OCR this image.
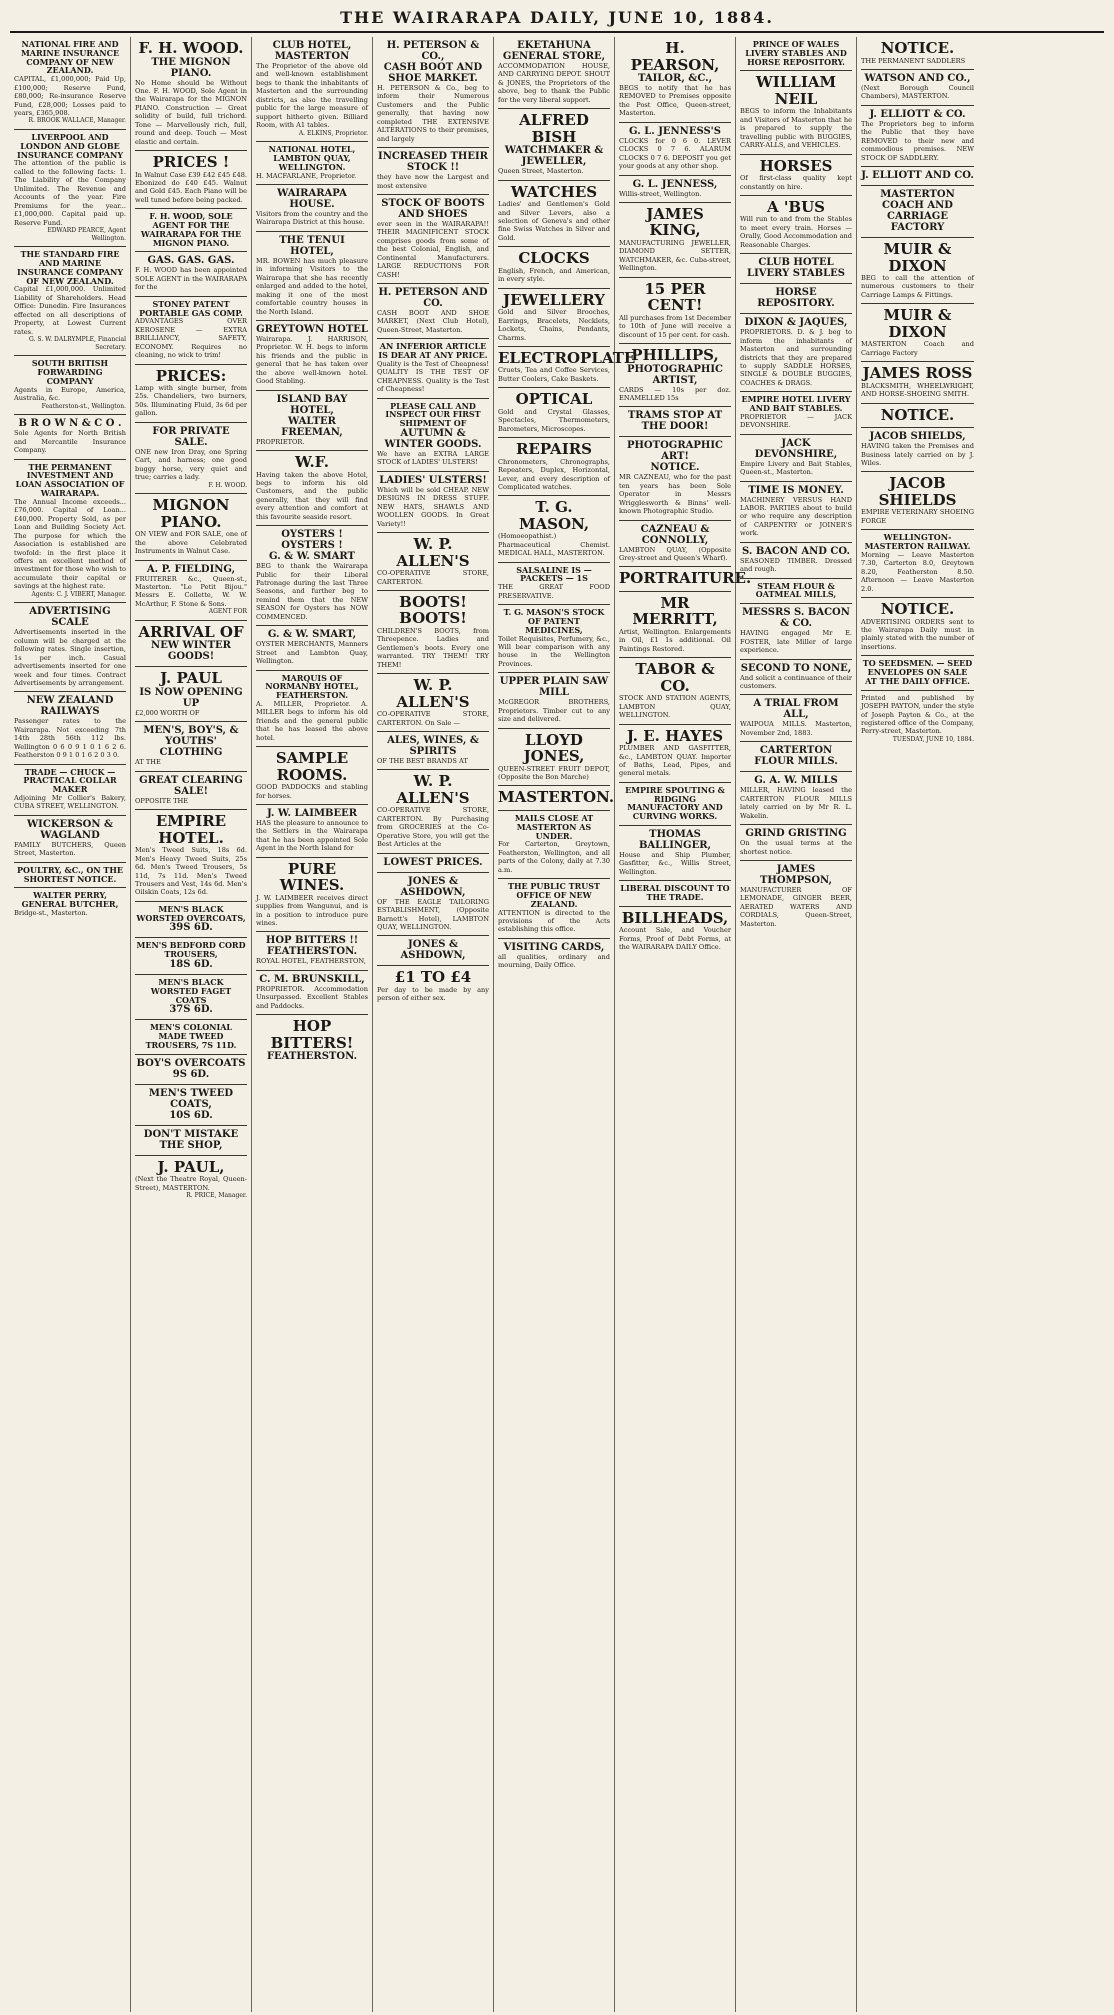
THE WAIRARAPA DAILY, JUNE 10, 1884.
NATIONAL FIRE AND MARINE INSURANCE COMPANY OF NEW ZEALAND.
CAPITAL, £1,000,000; Paid Up, £100,000; Reserve Fund, £80,000; Re-insurance Reserve Fund, £28,000; Losses paid to years, £365,908.
R. BROOK WALLACE, Manager.
LIVERPOOL AND LONDON AND GLOBE INSURANCE COMPANY
The attention of the public is called to the following facts: 1. The Liability of the Company Unlimited. The Revenue and Accounts of the year. Fire Premiums for the year... £1,000,000. Capital paid up. Reserve Fund.
EDWARD PEARCE, Agent Wellington.
THE STANDARD FIRE AND MARINE INSURANCE COMPANY OF NEW ZEALAND.
Capital £1,000,000. Unlimited Liability of Shareholders. Head Office: Dunedin. Fire Insurances effected on all descriptions of Property, at Lowest Current rates.
G. S. W. DALRYMPLE, Financial Secretary.
SOUTH BRITISH FORWARDING COMPANY
Agents in Europe, America, Australia, &c.
Featherston-st., Wellington.
B R O W N & C O .
Sole Agents for North British and Mercantile Insurance Company.
THE PERMANENT INVESTMENT AND LOAN ASSOCIATION OF WAIRARAPA.
The Annual Income exceeds... £76,000. Capital of Loan... £40,000. Property Sold, as per Loan and Building Society Act. The purpose for which the Association is established are twofold: in the first place it offers an excellent method of investment for those who wish to accumulate their capital or savings at the highest rate.
Agents: C. J. VIBERT, Manager.
ADVERTISING SCALE
Advertisements inserted in the column will be charged at the following rates. Single insertion, 1s per inch. Casual advertisements inserted for one week and four times. Contract Advertisements by arrangement.
NEW ZEALAND RAILWAYS
Passenger rates to the Wairarapa. Not exceeding 7th 14th 28th 56th 112 lbs. Wellington 0 6 0 9 1 0 1 6 2 6. Featherston 0 9 1 0 1 6 2 0 3 0.
TRADE — CHUCK — PRACTICAL COLLAR MAKER
Adjoining Mr Collier's Bakery, CUBA STREET, WELLINGTON.
WICKERSON & WAGLAND
FAMILY BUTCHERS, Queen Street, Masterton.
POULTRY, &C., ON THE SHORTEST NOTICE.
WALTER PERRY, GENERAL BUTCHER,
Bridge-st., Masterton.
F. H. WOOD.
THE MIGNON PIANO.
No Home should be Without One. F. H. WOOD, Sole Agent in the Wairarapa for the MIGNON PIANO. Construction — Great solidity of build, full trichord. Tone — Marvellously rich, full, round and deep. Touch — Most elastic and certain.
PRICES !
In Walnut Case £39 £42 £45 £48. Ebonized do £40 £45. Walnut and Gold £45. Each Piano will be well tuned before being packed.
F. H. WOOD, SOLE AGENT FOR THE WAIRARAPA FOR THE MIGNON PIANO.
GAS. GAS. GAS.
F. H. WOOD has been appointed SOLE AGENT in the WAIRARAPA for the
STONEY PATENT PORTABLE GAS COMP.
ADVANTAGES OVER KEROSENE — EXTRA BRILLIANCY, SAFETY, ECONOMY. Requires no cleaning, no wick to trim!
PRICES:
Lamp with single burner, from 25s. Chandeliers, two burners, 50s. Illuminating Fluid, 3s 6d per gallon.
FOR PRIVATE SALE.
ONE new Iron Dray, one Spring Cart, and harness; one good buggy horse, very quiet and true; carries a lady.
F. H. WOOD.
MIGNON PIANO.
ON VIEW and FOR SALE, one of the above Celebrated Instruments in Walnut Case.
A. P. FIELDING,
FRUITERER &c., Queen-st., Masterton. "Le Petit Bijou." Messrs E. Collette, W. W. McArthur, F. Stone & Sons.
AGENT FOR
ARRIVAL OF
NEW WINTER GOODS!
J. PAUL
IS NOW OPENING UP
£2,000 WORTH OF
MEN'S, BOY'S, & YOUTHS'
CLOTHING
AT THE
GREAT CLEARING SALE!
OPPOSITE THE
EMPIRE HOTEL.
Men's Tweed Suits, 18s 6d. Men's Heavy Tweed Suits, 25s 6d. Men's Tweed Trousers, 5s 11d, 7s 11d. Men's Tweed Trousers and Vest, 14s 6d. Men's Oilskin Coats, 12s 6d.
MEN'S BLACK WORSTED OVERCOATS,
39S 6D.
MEN'S BEDFORD CORD TROUSERS,
18S 6D.
MEN'S BLACK WORSTED FAGET COATS
37S 6D.
MEN'S COLONIAL MADE TWEED TROUSERS, 7S 11D.
BOY'S OVERCOATS
9S 6D.
MEN'S TWEED COATS,
10S 6D.
DON'T MISTAKE THE SHOP,
J. PAUL,
(Next the Theatre Royal, Queen-Street), MASTERTON.
R. PRICE, Manager.
CLUB HOTEL, MASTERTON
The Proprietor of the above old and well-known establishment begs to thank the inhabitants of Masterton and the surrounding districts, as also the travelling public for the large measure of support hitherto given. Billiard Room, with A1 tables.
A. ELKINS, Proprietor.
NATIONAL HOTEL, LAMBTON QUAY, WELLINGTON.
H. MACFARLANE, Proprietor.
WAIRARAPA HOUSE.
Visitors from the country and the Wairarapa District at this house.
THE TENUI HOTEL,
MR. BOWEN has much pleasure in informing Visitors to the Wairarapa that she has recently enlarged and added to the hotel, making it one of the most comfortable country houses in the North Island.
GREYTOWN HOTEL
Wairarapa. J. HARRISON, Proprietor. W. H. begs to inform his friends and the public in general that he has taken over the above well-known hotel. Good Stabling.
ISLAND BAY HOTEL,
WALTER FREEMAN,
PROPRIETOR.
W.F.
Having taken the above Hotel, begs to inform his old Customers, and the public generally, that they will find every attention and comfort at this favourite seaside resort.
OYSTERS ! OYSTERS !
G. & W. SMART
BEG to thank the Wairarapa Public for their Liberal Patronage during the last Three Seasons, and further beg to remind them that the NEW SEASON for Oysters has NOW COMMENCED.
G. & W. SMART,
OYSTER MERCHANTS, Manners Street and Lambton Quay, Wellington.
MARQUIS OF NORMANBY HOTEL, FEATHERSTON.
A. MILLER, Proprietor. A. MILLER begs to inform his old friends and the general public that he has leased the above hotel.
SAMPLE ROOMS.
GOOD PADDOCKS and stabling for horses.
J. W. LAIMBEER
HAS the pleasure to announce to the Settlers in the Wairarapa that he has been appointed Sole Agent in the North Island for
PURE WINES.
J. W. LAIMBEER receives direct supplies from Wangunui, and is in a position to introduce pure wines.
HOP BITTERS !!
FEATHERSTON.
ROYAL HOTEL, FEATHERSTON,
C. M. BRUNSKILL,
PROPRIETOR. Accommodation Unsurpassed. Excellent Stables and Paddocks.
HOP BITTERS!
FEATHERSTON.
H. PETERSON & CO.,
CASH BOOT AND SHOE MARKET.
H. PETERSON & Co., beg to inform their Numerous Customers and the Public generally, that having now completed THE EXTENSIVE ALTERATIONS to their premises, and largely
INCREASED THEIR STOCK !!
they have now the Largest and most extensive
STOCK OF BOOTS AND SHOES
ever seen in the WAIRARAPA!! THEIR MAGNIFICENT STOCK comprises goods from some of the best Colonial, English, and Continental Manufacturers. LARGE REDUCTIONS FOR CASH!
H. PETERSON AND CO.
CASH BOOT AND SHOE MARKET, (Next Club Hotel), Queen-Street, Masterton.
AN INFERIOR ARTICLE IS DEAR AT ANY PRICE.
Quality is the Test of Cheapness! QUALITY IS THE TEST OF CHEAPNESS. Quality is the Test of Cheapness!
PLEASE CALL AND INSPECT OUR FIRST SHIPMENT OF
AUTUMN & WINTER GOODS.
We have an EXTRA LARGE STOCK of LADIES' ULSTERS!
LADIES' ULSTERS!
Which will be sold CHEAP. NEW DESIGNS IN DRESS STUFF. NEW HATS, SHAWLS AND WOOLLEN GOODS. In Great Variety!!
W. P. ALLEN'S
CO-OPERATIVE STORE, CARTERTON.
BOOTS! BOOTS!
CHILDREN'S BOOTS, from Threepence. Ladies and Gentlemen's boots. Every one warranted. TRY THEM! TRY THEM!
W. P. ALLEN'S
CO-OPERATIVE STORE, CARTERTON. On Sale —
ALES, WINES, & SPIRITS
OF THE BEST BRANDS AT
W. P. ALLEN'S
CO-OPERATIVE STORE, CARTERTON. By Purchasing from GROCERIES at the Co-Operative Store, you will get the Best Articles at the
LOWEST PRICES.
JONES & ASHDOWN,
OF THE EAGLE TAILORING ESTABLISHMENT, (Opposite Barnett's Hotel), LAMBTON QUAY, WELLINGTON.
JONES & ASHDOWN,
£1 TO £4
Per day to be made by any person of either sex.
EKETAHUNA GENERAL STORE,
ACCOMMODATION HOUSE, AND CARRYING DEPOT. SHOUT & JONES, the Proprietors of the above, beg to thank the Public for the very liberal support.
ALFRED BISH
WATCHMAKER & JEWELLER,
Queen Street, Masterton.
WATCHES
Ladies' and Gentlemen's Gold and Silver Levers, also a selection of Geneva's and other fine Swiss Watches in Silver and Gold.
CLOCKS
English, French, and American, in every style.
JEWELLERY
Gold and Silver Brooches, Earrings, Bracelets, Necklets, Lockets, Chains, Pendants, Charms.
ELECTROPLATE
Cruets, Tea and Coffee Services, Butter Coolers, Cake Baskets.
OPTICAL
Gold and Crystal Glasses, Spectacles, Thermometers, Barometers, Microscopes.
REPAIRS
Chronometers, Chronographs, Repeaters, Duplex, Horizontal, Lever, and every description of Complicated watches.
T. G. MASON,
(Homoeopathist.) Pharmaceutical Chemist. MEDICAL HALL, MASTERTON.
SALSALINE IS — PACKETS — 1S
THE GREAT FOOD PRESERVATIVE.
T. G. MASON'S STOCK OF PATENT MEDICINES,
Toilet Requisites, Perfumery, &c., Will bear comparison with any house in the Wellington Provinces.
UPPER PLAIN SAW MILL
McGREGOR BROTHERS, Proprietors. Timber cut to any size and delivered.
LLOYD JONES,
QUEEN-STREET FRUIT DEPOT, (Opposite the Bon Marche)
MASTERTON.
MAILS CLOSE AT MASTERTON AS UNDER.
For Carterton, Greytown, Featherston, Wellington, and all parts of the Colony, daily at 7.30 a.m.
THE PUBLIC TRUST OFFICE OF NEW ZEALAND.
ATTENTION is directed to the provisions of the Acts establishing this office.
VISITING CARDS,
all qualities, ordinary and mourning, Daily Office.
H. PEARSON,
TAILOR, &C.,
BEGS to notify that he has REMOVED to Premises opposite the Post Office, Queen-street, Masterton.
G. L. JENNESS'S
CLOCKS for 0 6 0. LEVER CLOCKS 0 7 6. ALARUM CLOCKS 0 7 6. DEPOSIT you get your goods at any other shop.
G. L. JENNESS,
Willis-street, Wellington.
JAMES KING,
MANUFACTURING JEWELLER, DIAMOND SETTER, WATCHMAKER, &c. Cuba-street, Wellington.
15 PER CENT!
All purchases from 1st December to 10th of June will receive a discount of 15 per cent. for cash.
PHILLIPS,
PHOTOGRAPHIC ARTIST,
CARDS — 10s per doz. ENAMELLED 15s
TRAMS STOP AT THE DOOR!
PHOTOGRAPHIC ART!
NOTICE.
MR CAZNEAU, who for the past ten years has been Sole Operator in Messrs Wrigglesworth & Binns' well-known Photographic Studio.
CAZNEAU & CONNOLLY,
LAMBTON QUAY, (Opposite Grey-street and Queen's Wharf).
PORTRAITURE.
MR MERRITT,
Artist, Wellington. Enlargements in Oil, £1 1s additional. Oil Paintings Restored.
TABOR & CO.
STOCK AND STATION AGENTS, LAMBTON QUAY, WELLINGTON.
J. E. HAYES
PLUMBER AND GASFITTER, &c., LAMBTON QUAY. Importer of Baths, Lead, Pipes, and general metals.
EMPIRE SPOUTING & RIDGING MANUFACTORY AND CURVING WORKS.
THOMAS BALLINGER,
House and Ship Plumber, Gasfitter, &c., Willis Street, Wellington.
LIBERAL DISCOUNT TO THE TRADE.
BILLHEADS,
Account Sale, and Voucher Forms, Proof of Debt Forms, at the WAIRARAPA DAILY Office.
PRINCE OF WALES LIVERY STABLES AND HORSE REPOSITORY.
WILLIAM NEIL
BEGS to inform the Inhabitants and Visitors of Masterton that he is prepared to supply the travelling public with BUGGIES, CARRY-ALLS, and VEHICLES.
HORSES
Of first-class quality kept constantly on hire.
A 'BUS
Will run to and from the Stables to meet every train. Horses — Orally, Good Accommodation and Reasonable Charges.
CLUB HOTEL LIVERY STABLES
HORSE REPOSITORY.
DIXON & JAQUES,
PROPRIETORS. D. & J. beg to inform the inhabitants of Masterton and surrounding districts that they are prepared to supply SADDLE HORSES, SINGLE & DOUBLE BUGGIES, COACHES & DRAGS.
EMPIRE HOTEL LIVERY AND BAIT STABLES.
PROPRIETOR — JACK DEVONSHIRE.
JACK DEVONSHIRE,
Empire Livery and Bait Stables, Queen-st., Masterton.
TIME IS MONEY.
MACHINERY VERSUS HAND LABOR. PARTIES about to build or who require any description of CARPENTRY or JOINER'S work.
S. BACON AND CO.
SEASONED TIMBER. Dressed and rough.
STEAM FLOUR & OATMEAL MILLS,
MESSRS S. BACON & CO.
HAVING engaged Mr E. FOSTER, late Miller of large experience.
SECOND TO NONE,
And solicit a continuance of their customers.
A TRIAL FROM ALL,
WAIPOUA MILLS. Masterton, November 2nd, 1883.
CARTERTON FLOUR MILLS.
G. A. W. MILLS
MILLER, HAVING leased the CARTERTON FLOUR MILLS lately carried on by Mr R. L. Wakelin.
GRIND GRISTING
On the usual terms at the shortest notice.
JAMES THOMPSON,
MANUFACTURER OF LEMONADE, GINGER BEER, AERATED WATERS AND CORDIALS, Queen-Street, Masterton.
NOTICE.
THE PERMANENT SADDLERS
WATSON AND CO.,
(Next Borough Council Chambers), MASTERTON.
J. ELLIOTT & CO.
The Proprietors beg to inform the Public that they have REMOVED to their new and commodious premises. NEW STOCK OF SADDLERY.
J. ELLIOTT AND CO.
MASTERTON COACH AND
CARRIAGE FACTORY
MUIR & DIXON
BEG to call the attention of numerous customers to their Carriage Lamps & Fittings.
MUIR & DIXON
MASTERTON Coach and Carriage Factory
JAMES ROSS
BLACKSMITH, WHEELWRIGHT, AND HORSE-SHOEING SMITH.
NOTICE.
JACOB SHIELDS,
HAVING taken the Premises and Business lately carried on by J. Wiles.
JACOB SHIELDS
EMPIRE VETERINARY SHOEING FORGE
WELLINGTON-MASTERTON RAILWAY.
Morning — Leave Masterton 7.30, Carterton 8.0, Greytown 8.20, Featherston 8.50. Afternoon — Leave Masterton 2.0.
NOTICE.
ADVERTISING ORDERS sent to the Wairarapa Daily must in plainly stated with the number of insertions.
TO SEEDSMEN. — SEED ENVELOPES ON SALE AT THE DAILY OFFICE.
Printed and published by JOSEPH PAYTON, under the style of Joseph Payton & Co., at the registered office of the Company, Perry-street, Masterton.
TUESDAY, JUNE 10, 1884.
